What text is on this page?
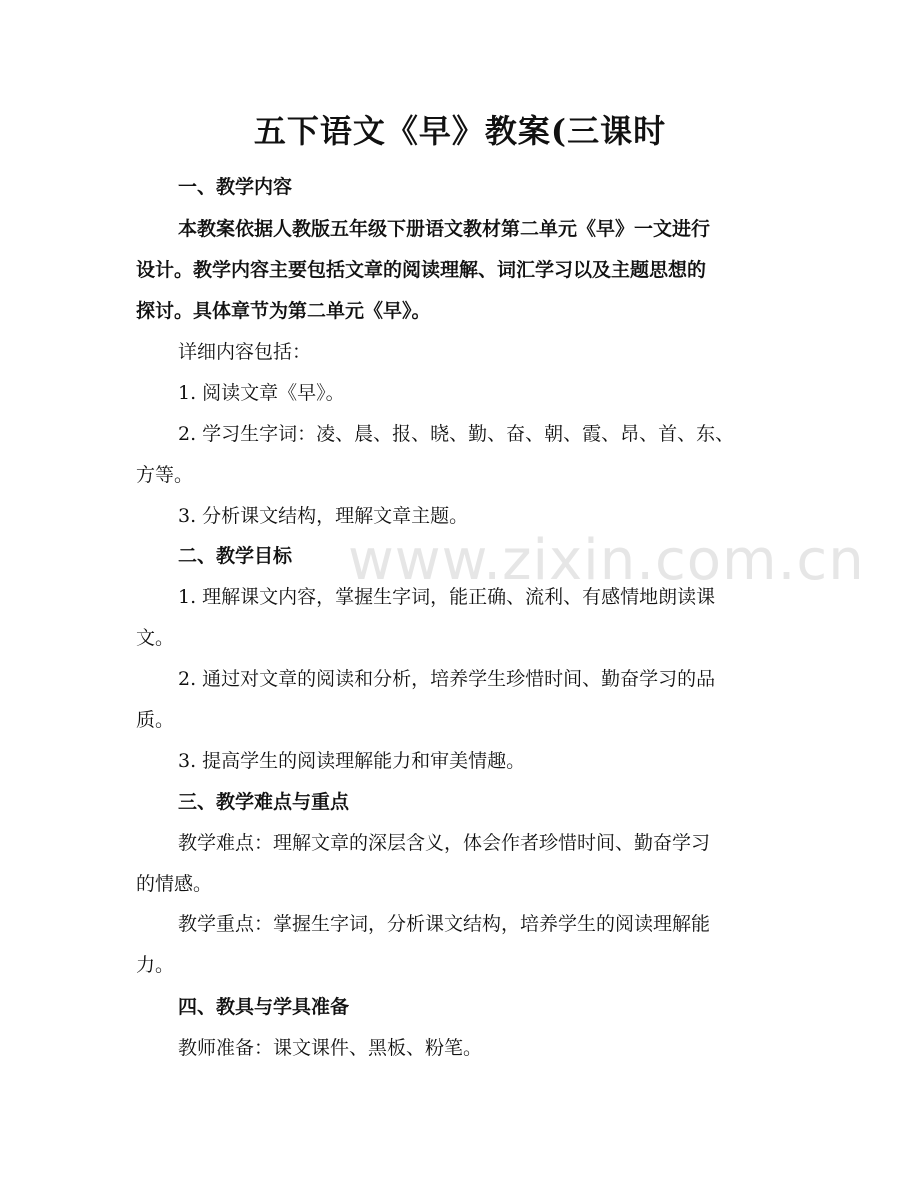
www.zixin.com.cn
五下语文《早》教案(三课时
一、教学内容
本教案依据人教版五年级下册语文教材第二单元《早》一文进行
设计。教学内容主要包括文章的阅读理解、词汇学习以及主题思想的
探讨。具体章节为第二单元《早》。
详细内容包括：
1. 阅读文章《早》。
2. 学习生字词：凌、晨、报、晓、勤、奋、朝、霞、昂、首、东、
方等。
3. 分析课文结构，理解文章主题。
二、教学目标
1. 理解课文内容，掌握生字词，能正确、流利、有感情地朗读课
文。
2. 通过对文章的阅读和分析，培养学生珍惜时间、勤奋学习的品
质。
3. 提高学生的阅读理解能力和审美情趣。
三、教学难点与重点
教学难点：理解文章的深层含义，体会作者珍惜时间、勤奋学习
的情感。
教学重点：掌握生字词，分析课文结构，培养学生的阅读理解能
力。
四、教具与学具准备
教师准备：课文课件、黑板、粉笔。
